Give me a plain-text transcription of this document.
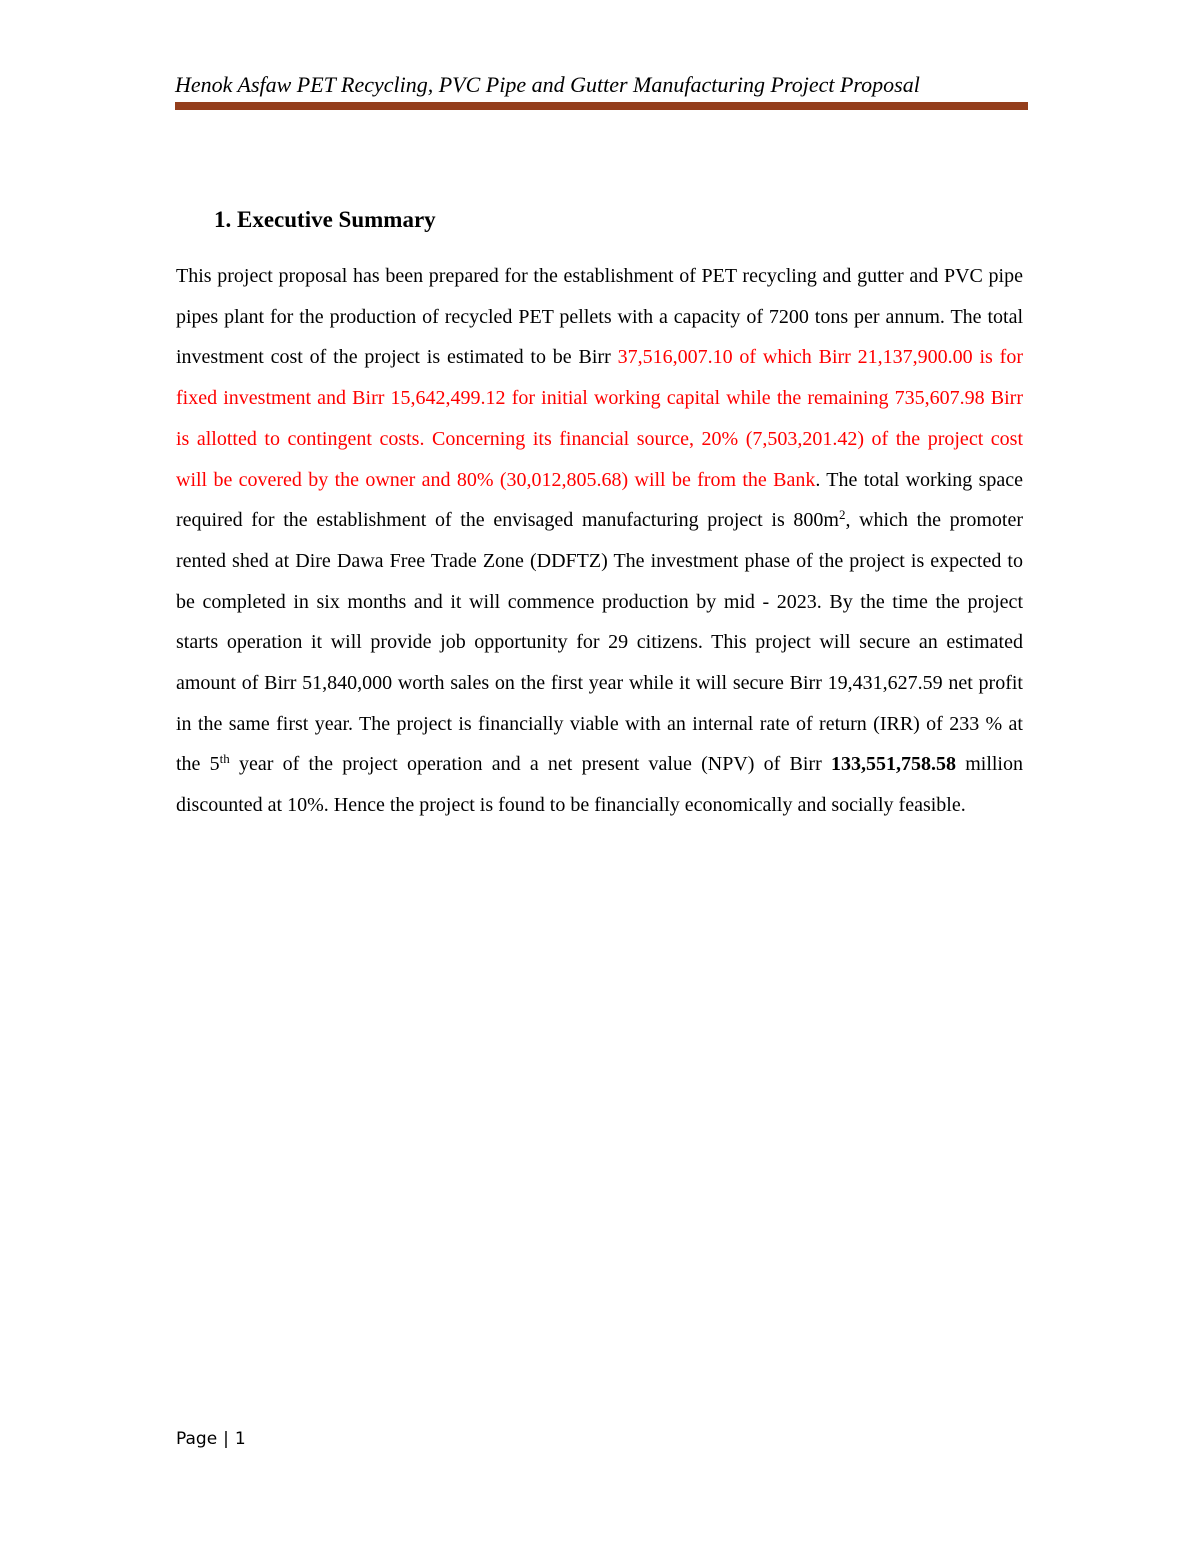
Henok Asfaw PET Recycling, PVC Pipe and Gutter Manufacturing Project Proposal
1. Executive Summary

This project proposal has been prepared for the establishment of PET recycling and gutter and PVC pipe pipes plant for the production of recycled PET pellets with a capacity of 7200 tons per annum. The total investment cost of the project is estimated to be Birr 37,516,007.10 of which Birr 21,137,900.00 is for fixed investment and Birr 15,642,499.12 for initial working capital while the remaining 735,607.98 Birr is allotted to contingent costs. Concerning its financial source, 20% (7,503,201.42) of the project cost will be covered by the owner and 80% (30,012,805.68) will be from the Bank. The total working space required for the establishment of the envisaged manufacturing project is $800m^2$, which the promoter rented shed at Dire Dawa Free Trade Zone (DDFTZ) The investment phase of the project is expected to be completed in six months and it will commence production by mid - 2023. By the time the project starts operation it will provide job opportunity for 29 citizens. This project will secure an estimated amount of Birr 51,840,000 worth sales on the first year while it will secure Birr 19,431,627.59 net profit in the same first year. The project is financially viable with an internal rate of return (IRR) of 233 % at the 5th year of the project operation and a net present value (NPV) of Birr 133,551,758.58 million discounted at 10%. Hence the project is found to be financially economically and socially feasible.

Page | 1
